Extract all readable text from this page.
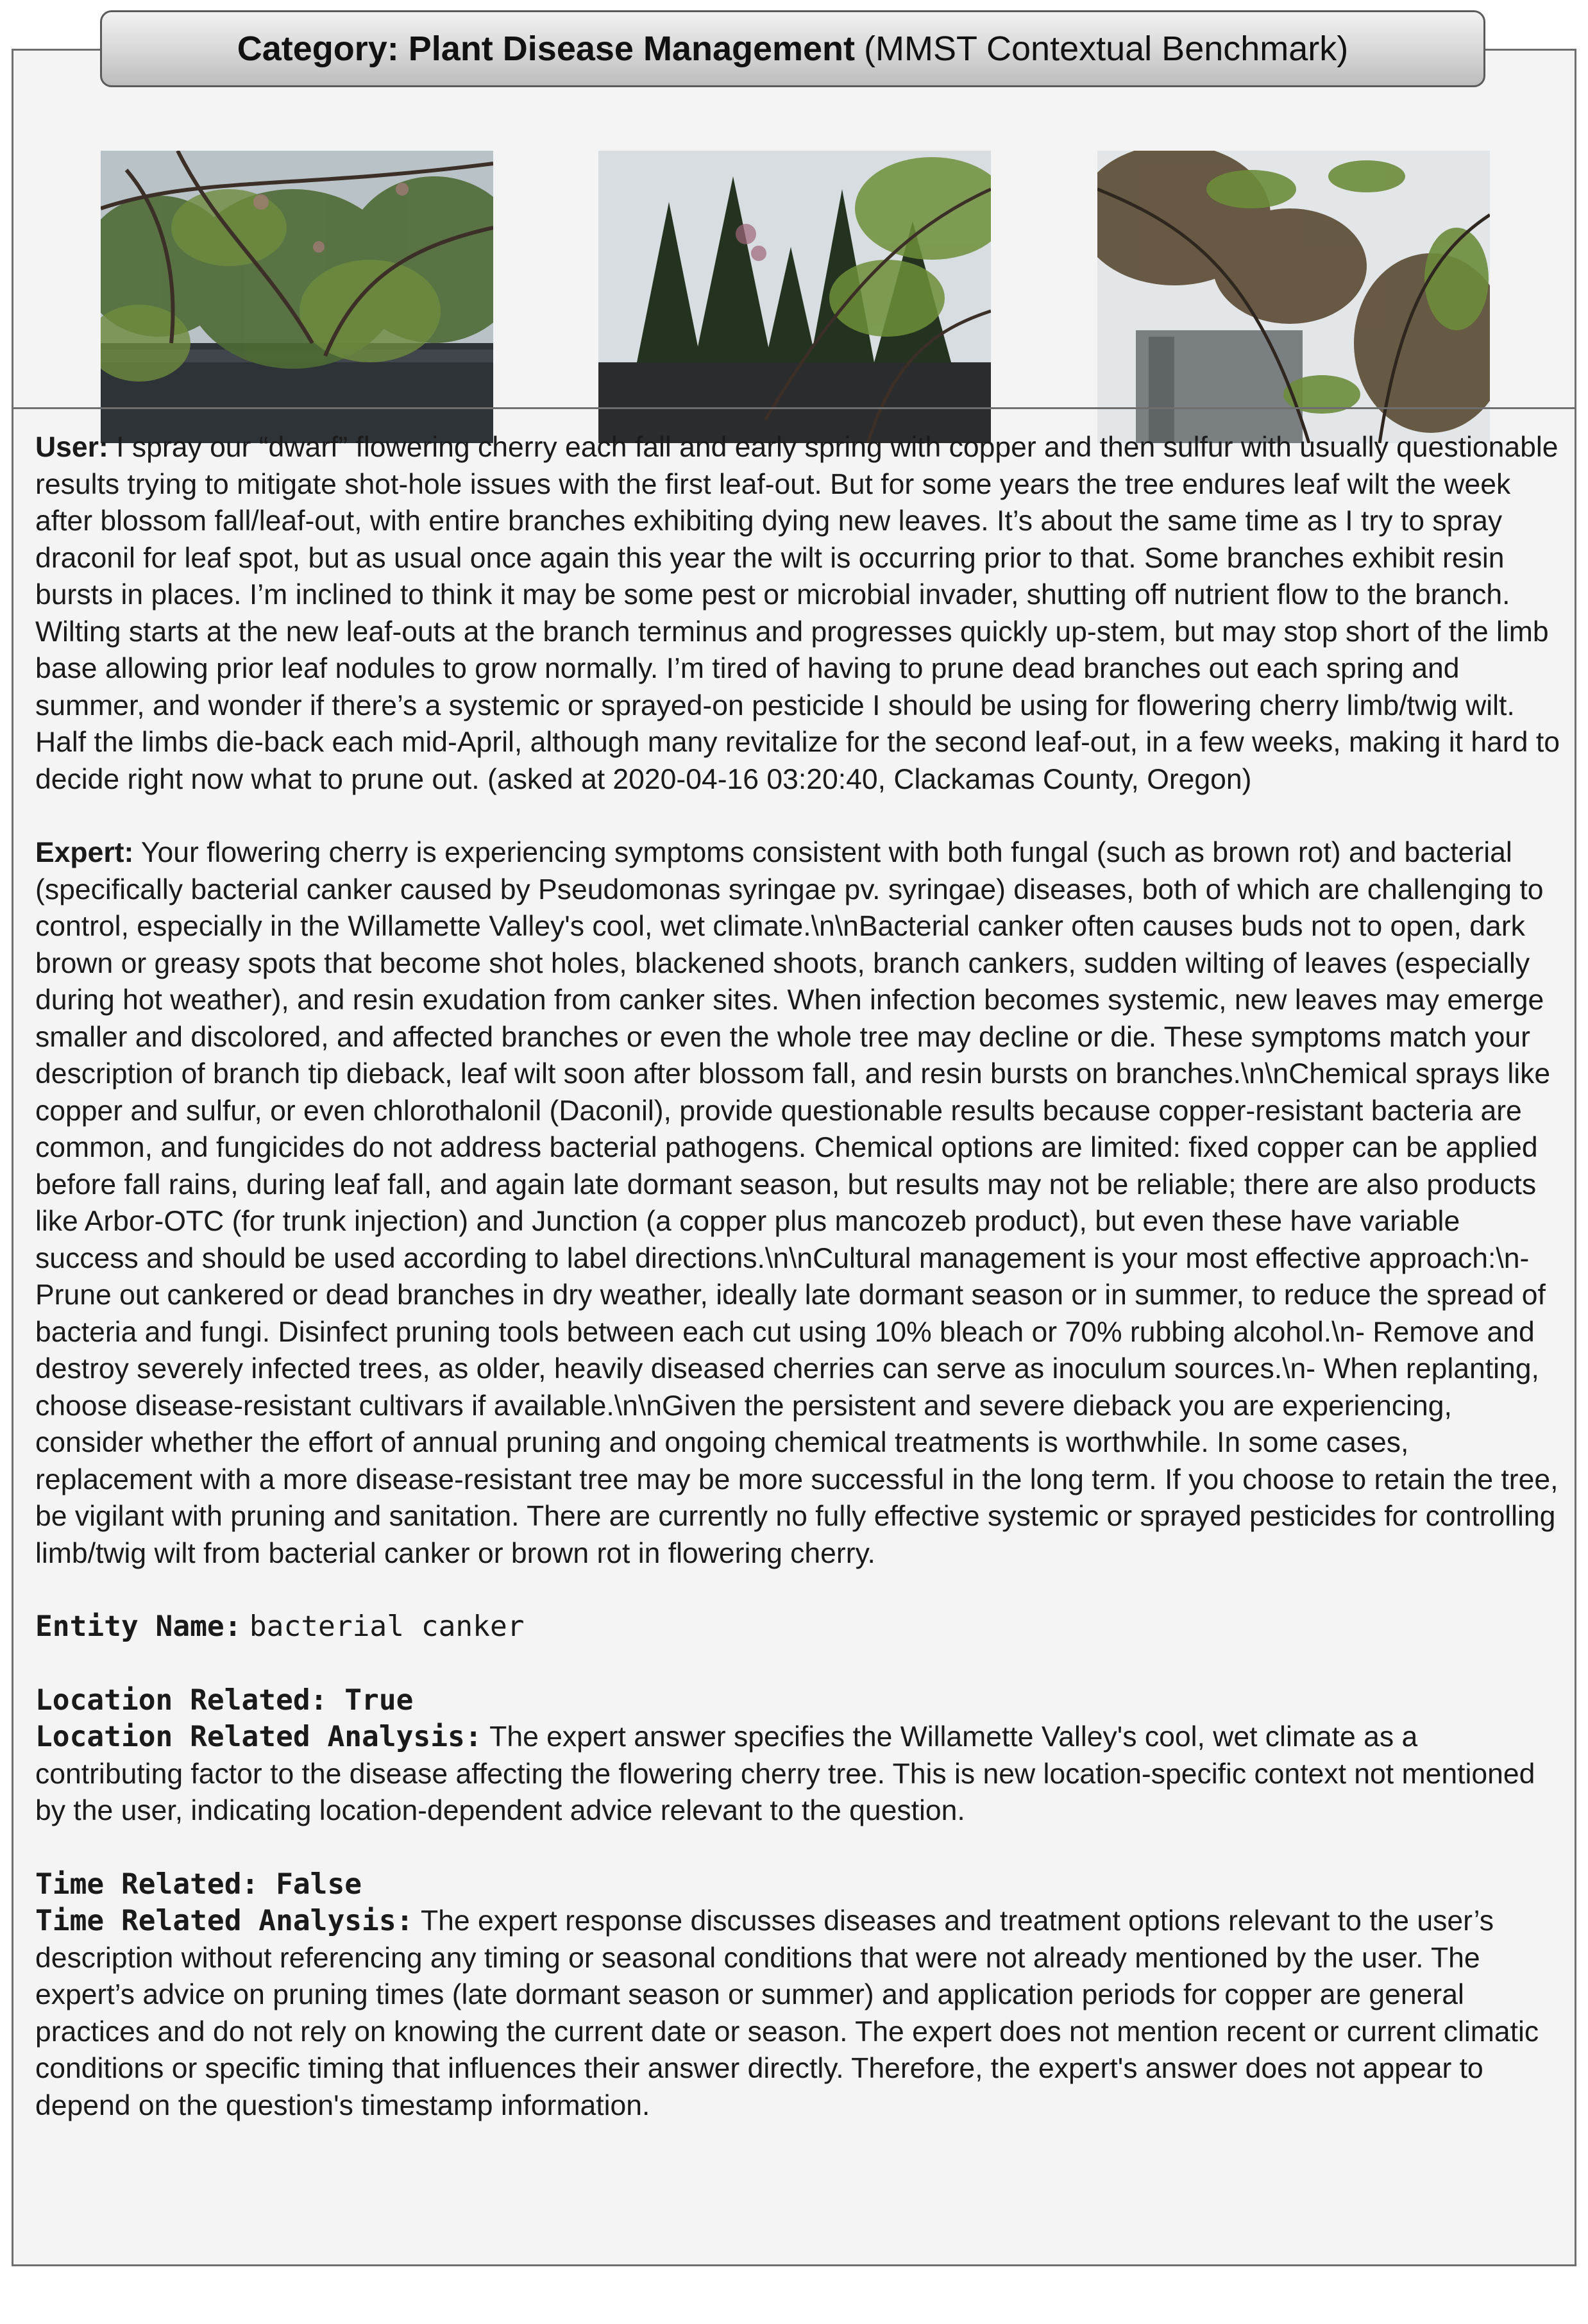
User: I spray our “dwarf” flowering cherry each fall and early spring with copper and then sulfur with usually questionable results trying to mitigate shot-hole issues with the first leaf-out. But for some years the tree endures leaf wilt the week after blossom fall/leaf-out, with entire branches exhibiting dying new leaves. It’s about the same time as I try to spray draconil for leaf spot, but as usual once again this year the wilt is occurring prior to that. Some branches exhibit resin bursts in places. I’m inclined to think it may be some pest or microbial invader, shutting off nutrient flow to the branch. Wilting starts at the new leaf-outs at the branch terminus and progresses quickly up-stem, but may stop short of the limb base allowing prior leaf nodules to grow normally. I’m tired of having to prune dead branches out each spring and summer, and wonder if there’s a systemic or sprayed-on pesticide I should be using for flowering cherry limb/twig wilt. Half the limbs die-back each mid-April, although many revitalize for the second leaf-out, in a few weeks, making it hard to decide right now what to prune out. (asked at 2020-04-16 03:20:40, Clackamas County, Oregon)

Expert: Your flowering cherry is experiencing symptoms consistent with both fungal (such as brown rot) and bacterial (specifically bacterial canker caused by Pseudomonas syringae pv. syringae) diseases, both of which are challenging to control, especially in the Willamette Valley's cool, wet climate.\n\nBacterial canker often causes buds not to open, dark brown or greasy spots that become shot holes, blackened shoots, branch cankers, sudden wilting of leaves (especially during hot weather), and resin exudation from canker sites. When infection becomes systemic, new leaves may emerge smaller and discolored, and affected branches or even the whole tree may decline or die. These symptoms match your description of branch tip dieback, leaf wilt soon after blossom fall, and resin bursts on branches.\n\nChemical sprays like copper and sulfur, or even chlorothalonil (Daconil), provide questionable results because copper-resistant bacteria are common, and fungicides do not address bacterial pathogens. Chemical options are limited: fixed copper can be applied before fall rains, during leaf fall, and again late dormant season, but results may not be reliable; there are also products like Arbor-OTC (for trunk injection) and Junction (a copper plus mancozeb product), but even these have variable success and should be used according to label directions.\n\nCultural management is your most effective approach:\n- Prune out cankered or dead branches in dry weather, ideally late dormant season or in summer, to reduce the spread of bacteria and fungi. Disinfect pruning tools between each cut using 10% bleach or 70% rubbing alcohol.\n- Remove and destroy severely infected trees, as older, heavily diseased cherries can serve as inoculum sources.\n- When replanting, choose disease-resistant cultivars if available.\n\nGiven the persistent and severe dieback you are experiencing, consider whether the effort of annual pruning and ongoing chemical treatments is worthwhile. In some cases, replacement with a more disease-resistant tree may be more successful in the long term. If you choose to retain the tree, be vigilant with pruning and sanitation. There are currently no fully effective systemic or sprayed pesticides for controlling limb/twig wilt from bacterial canker or brown rot in flowering cherry.

Entity Name: bacterial canker
Location Related: True
Location Related Analysis: The expert answer specifies the Willamette Valley's cool, wet climate as a contributing factor to the disease affecting the flowering cherry tree. This is new location-specific context not mentioned by the user, indicating location-dependent advice relevant to the question.
Time Related: False
Time Related Analysis: The expert response discusses diseases and treatment options relevant to the user’s description without referencing any timing or seasonal conditions that were not already mentioned by the user. The expert’s advice on pruning times (late dormant season or summer) and application periods for copper are general practices and do not rely on knowing the current date or season. The expert does not mention recent or current climatic conditions or specific timing that influences their answer directly. Therefore, the expert's answer does not appear to depend on the question's timestamp information.
Category: Plant Disease Management (MMST Contextual Benchmark)
